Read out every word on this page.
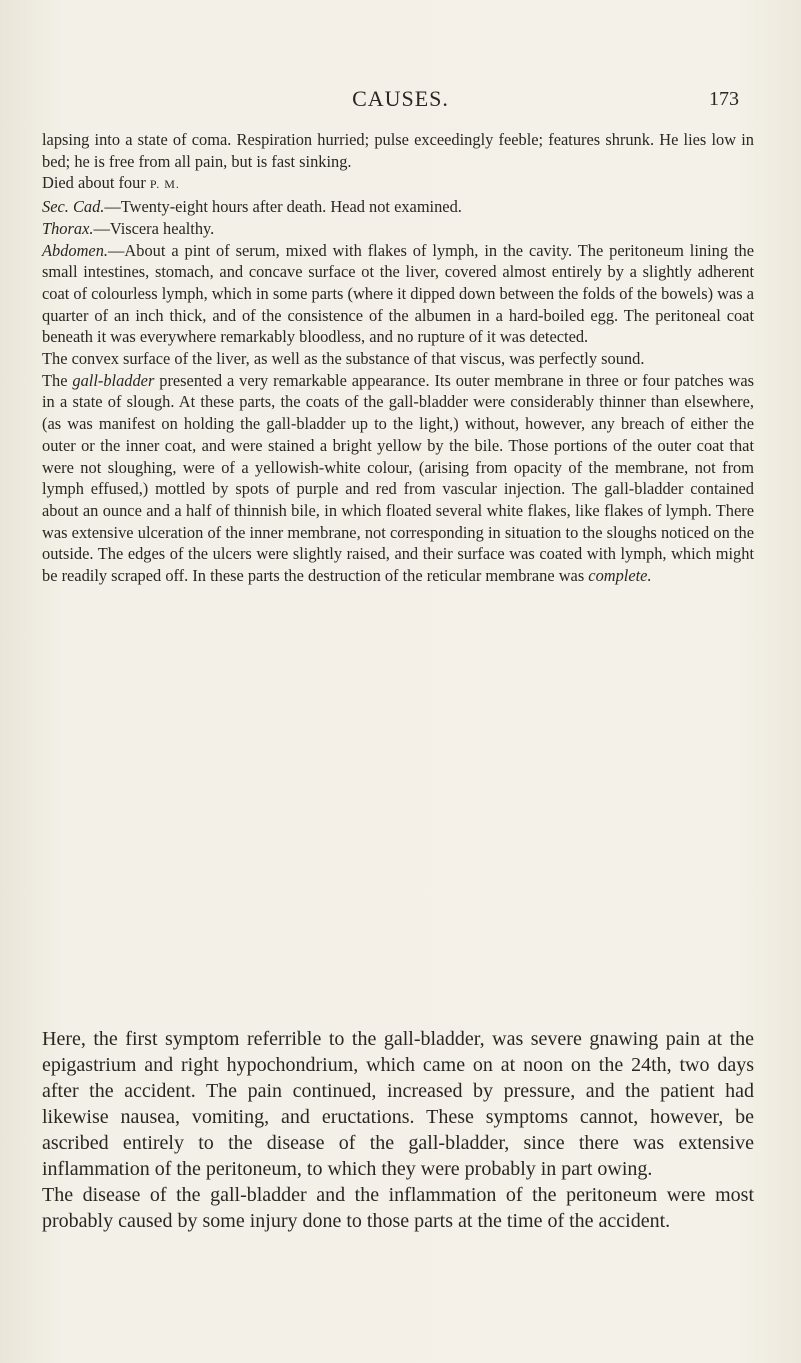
CAUSES.	173

lapsing into a state of coma. Respiration hurried; pulse exceedingly feeble; features shrunk. He lies low in bed; he is free from all pain, but is fast sinking.

Died about four P. M.

Sec. Cad.—Twenty-eight hours after death. Head not examined.

Thorax.—Viscera healthy.

Abdomen.—About a pint of serum, mixed with flakes of lymph, in the cavity. The peritoneum lining the small intestines, stomach, and concave surface ot the liver, covered almost entirely by a slightly adherent coat of colourless lymph, which in some parts (where it dipped down between the folds of the bowels) was a quarter of an inch thick, and of the consistence of the albumen in a hard-boiled egg. The peritoneal coat beneath it was everywhere remarkably bloodless, and no rupture of it was detected.

The convex surface of the liver, as well as the substance of that viscus, was perfectly sound.

The gall-bladder presented a very remarkable appearance. Its outer membrane in three or four patches was in a state of slough. At these parts, the coats of the gall-bladder were considerably thinner than elsewhere, (as was manifest on holding the gall-bladder up to the light,) without, however, any breach of either the outer or the inner coat, and were stained a bright yellow by the bile. Those portions of the outer coat that were not sloughing, were of a yellowish-white colour, (arising from opacity of the membrane, not from lymph effused,) mottled by spots of purple and red from vascular injection. The gall-bladder contained about an ounce and a half of thinnish bile, in which floated several white flakes, like flakes of lymph. There was extensive ulceration of the inner membrane, not corresponding in situation to the sloughs noticed on the outside. The edges of the ulcers were slightly raised, and their surface was coated with lymph, which might be readily scraped off. In these parts the destruction of the reticular membrane was complete.

Here, the first symptom referrible to the gall-bladder, was severe gnawing pain at the epigastrium and right hypochondrium, which came on at noon on the 24th, two days after the accident. The pain continued, increased by pressure, and the patient had likewise nausea, vomiting, and eructations. These symptoms cannot, however, be ascribed entirely to the disease of the gall-bladder, since there was extensive inflammation of the peritoneum, to which they were probably in part owing.

The disease of the gall-bladder and the inflammation of the peritoneum were most probably caused by some injury done to those parts at the time of the accident.
